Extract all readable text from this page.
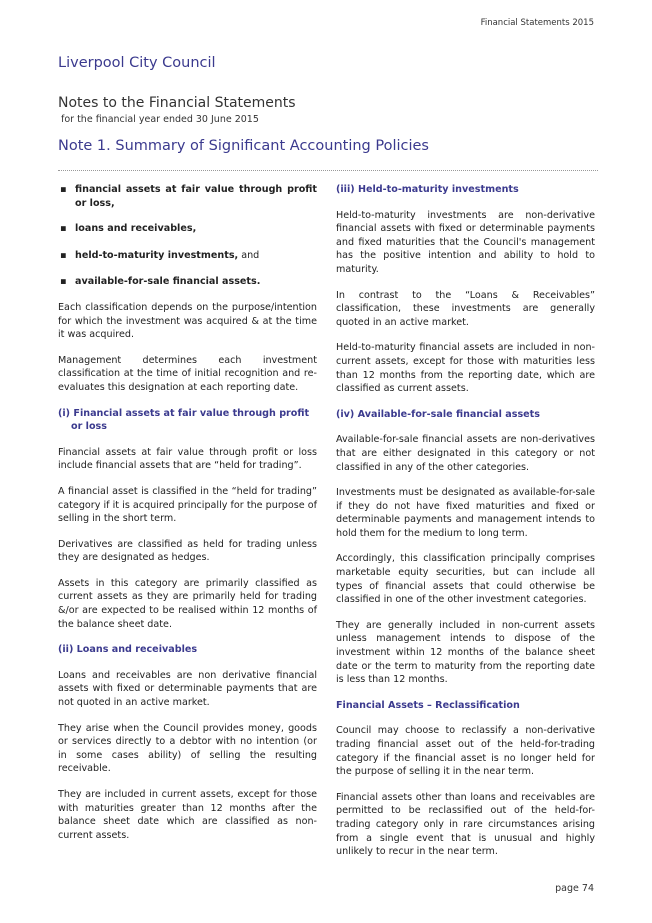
Financial Statements 2015
Liverpool City Council
Notes to the Financial Statements
for the financial year ended 30 June 2015
Note 1. Summary of Significant Accounting Policies

▪ financial assets at fair value through profit or loss,

▪ loans and receivables,

▪ held-to-maturity investments, and

▪ available-for-sale financial assets.

Each classification depends on the purpose/intention for which the investment was acquired & at the time it was acquired.

Management determines each investment classification at the time of initial recognition and re-evaluates this designation at each reporting date.

(i) Financial assets at fair value through profit
or loss

Financial assets at fair value through profit or loss include financial assets that are “held for trading”.

A financial asset is classified in the “held for trading” category if it is acquired principally for the purpose of selling in the short term.

Derivatives are classified as held for trading unless they are designated as hedges.

Assets in this category are primarily classified as current assets as they are primarily held for trading &/or are expected to be realised within 12 months of the balance sheet date.

(ii) Loans and receivables

Loans and receivables are non derivative financial assets with fixed or determinable payments that are not quoted in an active market.

They arise when the Council provides money, goods or services directly to a debtor with no intention (or in some cases ability) of selling the resulting receivable.

They are included in current assets, except for those with maturities greater than 12 months after the balance sheet date which are classified as non-current assets.

(iii) Held-to-maturity investments

Held-to-maturity investments are non-derivative financial assets with fixed or determinable payments and fixed maturities that the Council's management has the positive intention and ability to hold to maturity.

In contrast to the “Loans & Receivables” classification, these investments are generally quoted in an active market.

Held-to-maturity financial assets are included in non-current assets, except for those with maturities less than 12 months from the reporting date, which are classified as current assets.

(iv) Available-for-sale financial assets

Available-for-sale financial assets are non-derivatives that are either designated in this category or not classified in any of the other categories.

Investments must be designated as available-for-sale if they do not have fixed maturities and fixed or determinable payments and management intends to hold them for the medium to long term.

Accordingly, this classification principally comprises marketable equity securities, but can include all types of financial assets that could otherwise be classified in one of the other investment categories.

They are generally included in non-current assets unless management intends to dispose of the investment within 12 months of the balance sheet date or the term to maturity from the reporting date is less than 12 months.

Financial Assets – Reclassification

Council may choose to reclassify a non-derivative trading financial asset out of the held-for-trading category if the financial asset is no longer held for the purpose of selling it in the near term.

Financial assets other than loans and receivables are permitted to be reclassified out of the held-for-trading category only in rare circumstances arising from a single event that is unusual and highly unlikely to recur in the near term.

page 74
